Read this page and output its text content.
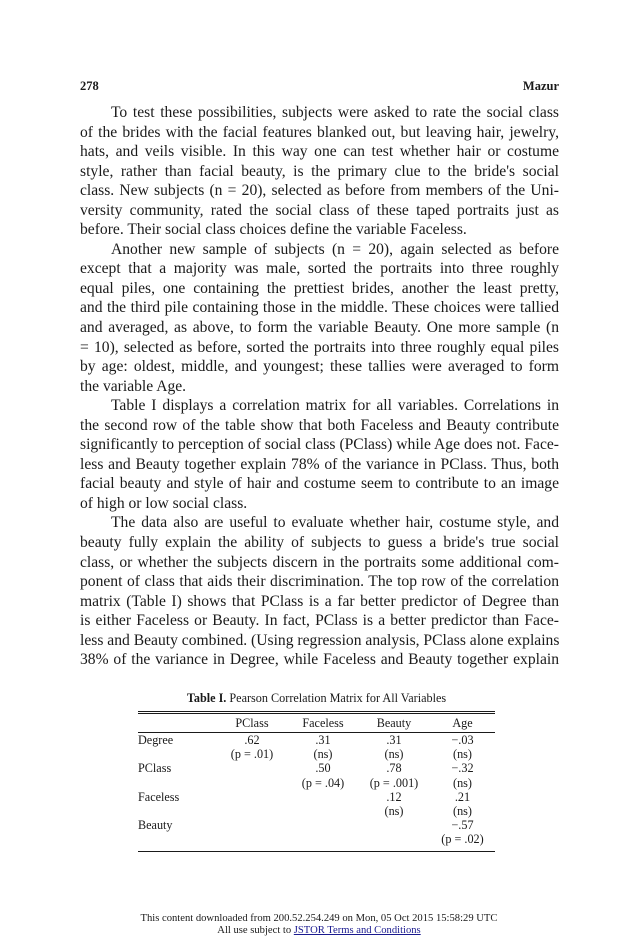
278	Mazur
To test these possibilities, subjects were asked to rate the social class
of the brides with the facial features blanked out, but leaving hair, jewelry,
hats, and veils visible. In this way one can test whether hair or costume
style, rather than facial beauty, is the primary clue to the bride's social
class. New subjects (n = 20), selected as before from members of the Uni-
versity community, rated the social class of these taped portraits just as
before. Their social class choices define the variable Faceless.
Another new sample of subjects (n = 20), again selected as before
except that a majority was male, sorted the portraits into three roughly
equal piles, one containing the prettiest brides, another the least pretty,
and the third pile containing those in the middle. These choices were tallied
and averaged, as above, to form the variable Beauty. One more sample (n
= 10), selected as before, sorted the portraits into three roughly equal piles
by age: oldest, middle, and youngest; these tallies were averaged to form
the variable Age.
Table I displays a correlation matrix for all variables. Correlations in
the second row of the table show that both Faceless and Beauty contribute
significantly to perception of social class (PClass) while Age does not. Face-
less and Beauty together explain 78% of the variance in PClass. Thus, both
facial beauty and style of hair and costume seem to contribute to an image
of high or low social class.
The data also are useful to evaluate whether hair, costume style, and
beauty fully explain the ability of subjects to guess a bride's true social
class, or whether the subjects discern in the portraits some additional com-
ponent of class that aids their discrimination. The top row of the correlation
matrix (Table I) shows that PClass is a far better predictor of Degree than
is either Faceless or Beauty. In fact, PClass is a better predictor than Face-
less and Beauty combined. (Using regression analysis, PClass alone explains
38% of the variance in Degree, while Faceless and Beauty together explain
Table I. Pearson Correlation Matrix for All Variables
	PClass	Faceless	Beauty	Age
Degree	.62	.31	.31	−.03
	(p = .01)	(ns)	(ns)	(ns)
PClass		.50	.78	−.32
		(p = .04)	(p = .001)	(ns)
Faceless			.12	.21
			(ns)	(ns)
Beauty				−.57
				(p = .02)
This content downloaded from 200.52.254.249 on Mon, 05 Oct 2015 15:58:29 UTC
All use subject to JSTOR Terms and Conditions
